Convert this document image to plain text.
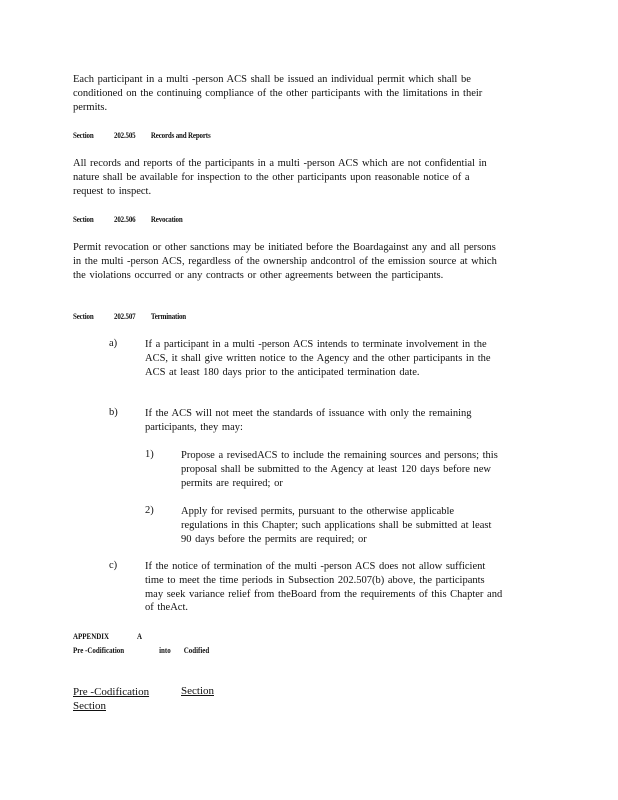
Each participant in a multi -person ACS shall be issued an individual permit which shall be conditioned on the continuing compliance of the other participants with the limitations in their permits.

Section 202.505 Records and Reports

All records and reports of the participants in a multi -person ACS which are not confidential in nature shall be available for inspection to the other participants upon reasonable notice of a request to inspect.

Section 202.506 Revocation

Permit revocation or other sanctions may be initiated before the Boardagainst any and all persons in the multi -person ACS, regardless of the ownership andcontrol of the emission source at which the violations occurred or any contracts or other agreements between the participants.

Section 202.507 Termination
a)	If a participant in a multi -person ACS intends to terminate involvement in the ACS, it shall give written notice to the Agency and the other participants in the ACS at least 180 days prior to the anticipated termination date.

b)	If the ACS will not meet the standards of issuance with only the remaining participants, they may:

1)	Propose a revisedACS to include the remaining sources and persons; this proposal shall be submitted to the Agency at least 120 days before new permits are required; or

2)	Apply for revised permits, pursuant to the otherwise applicable regulations in this Chapter; such applications shall be submitted at least 90 days before the permits are required; or

c)	If the notice of termination of the multi -person ACS does not allow sufficient time to meet the time periods in Subsection 202.507(b) above, the participants may seek variance relief from theBoard from the requirements of this Chapter and of theAct.

APPENDIX	A
Pre -Codification	into Codified
Pre -Codification Section
Section
